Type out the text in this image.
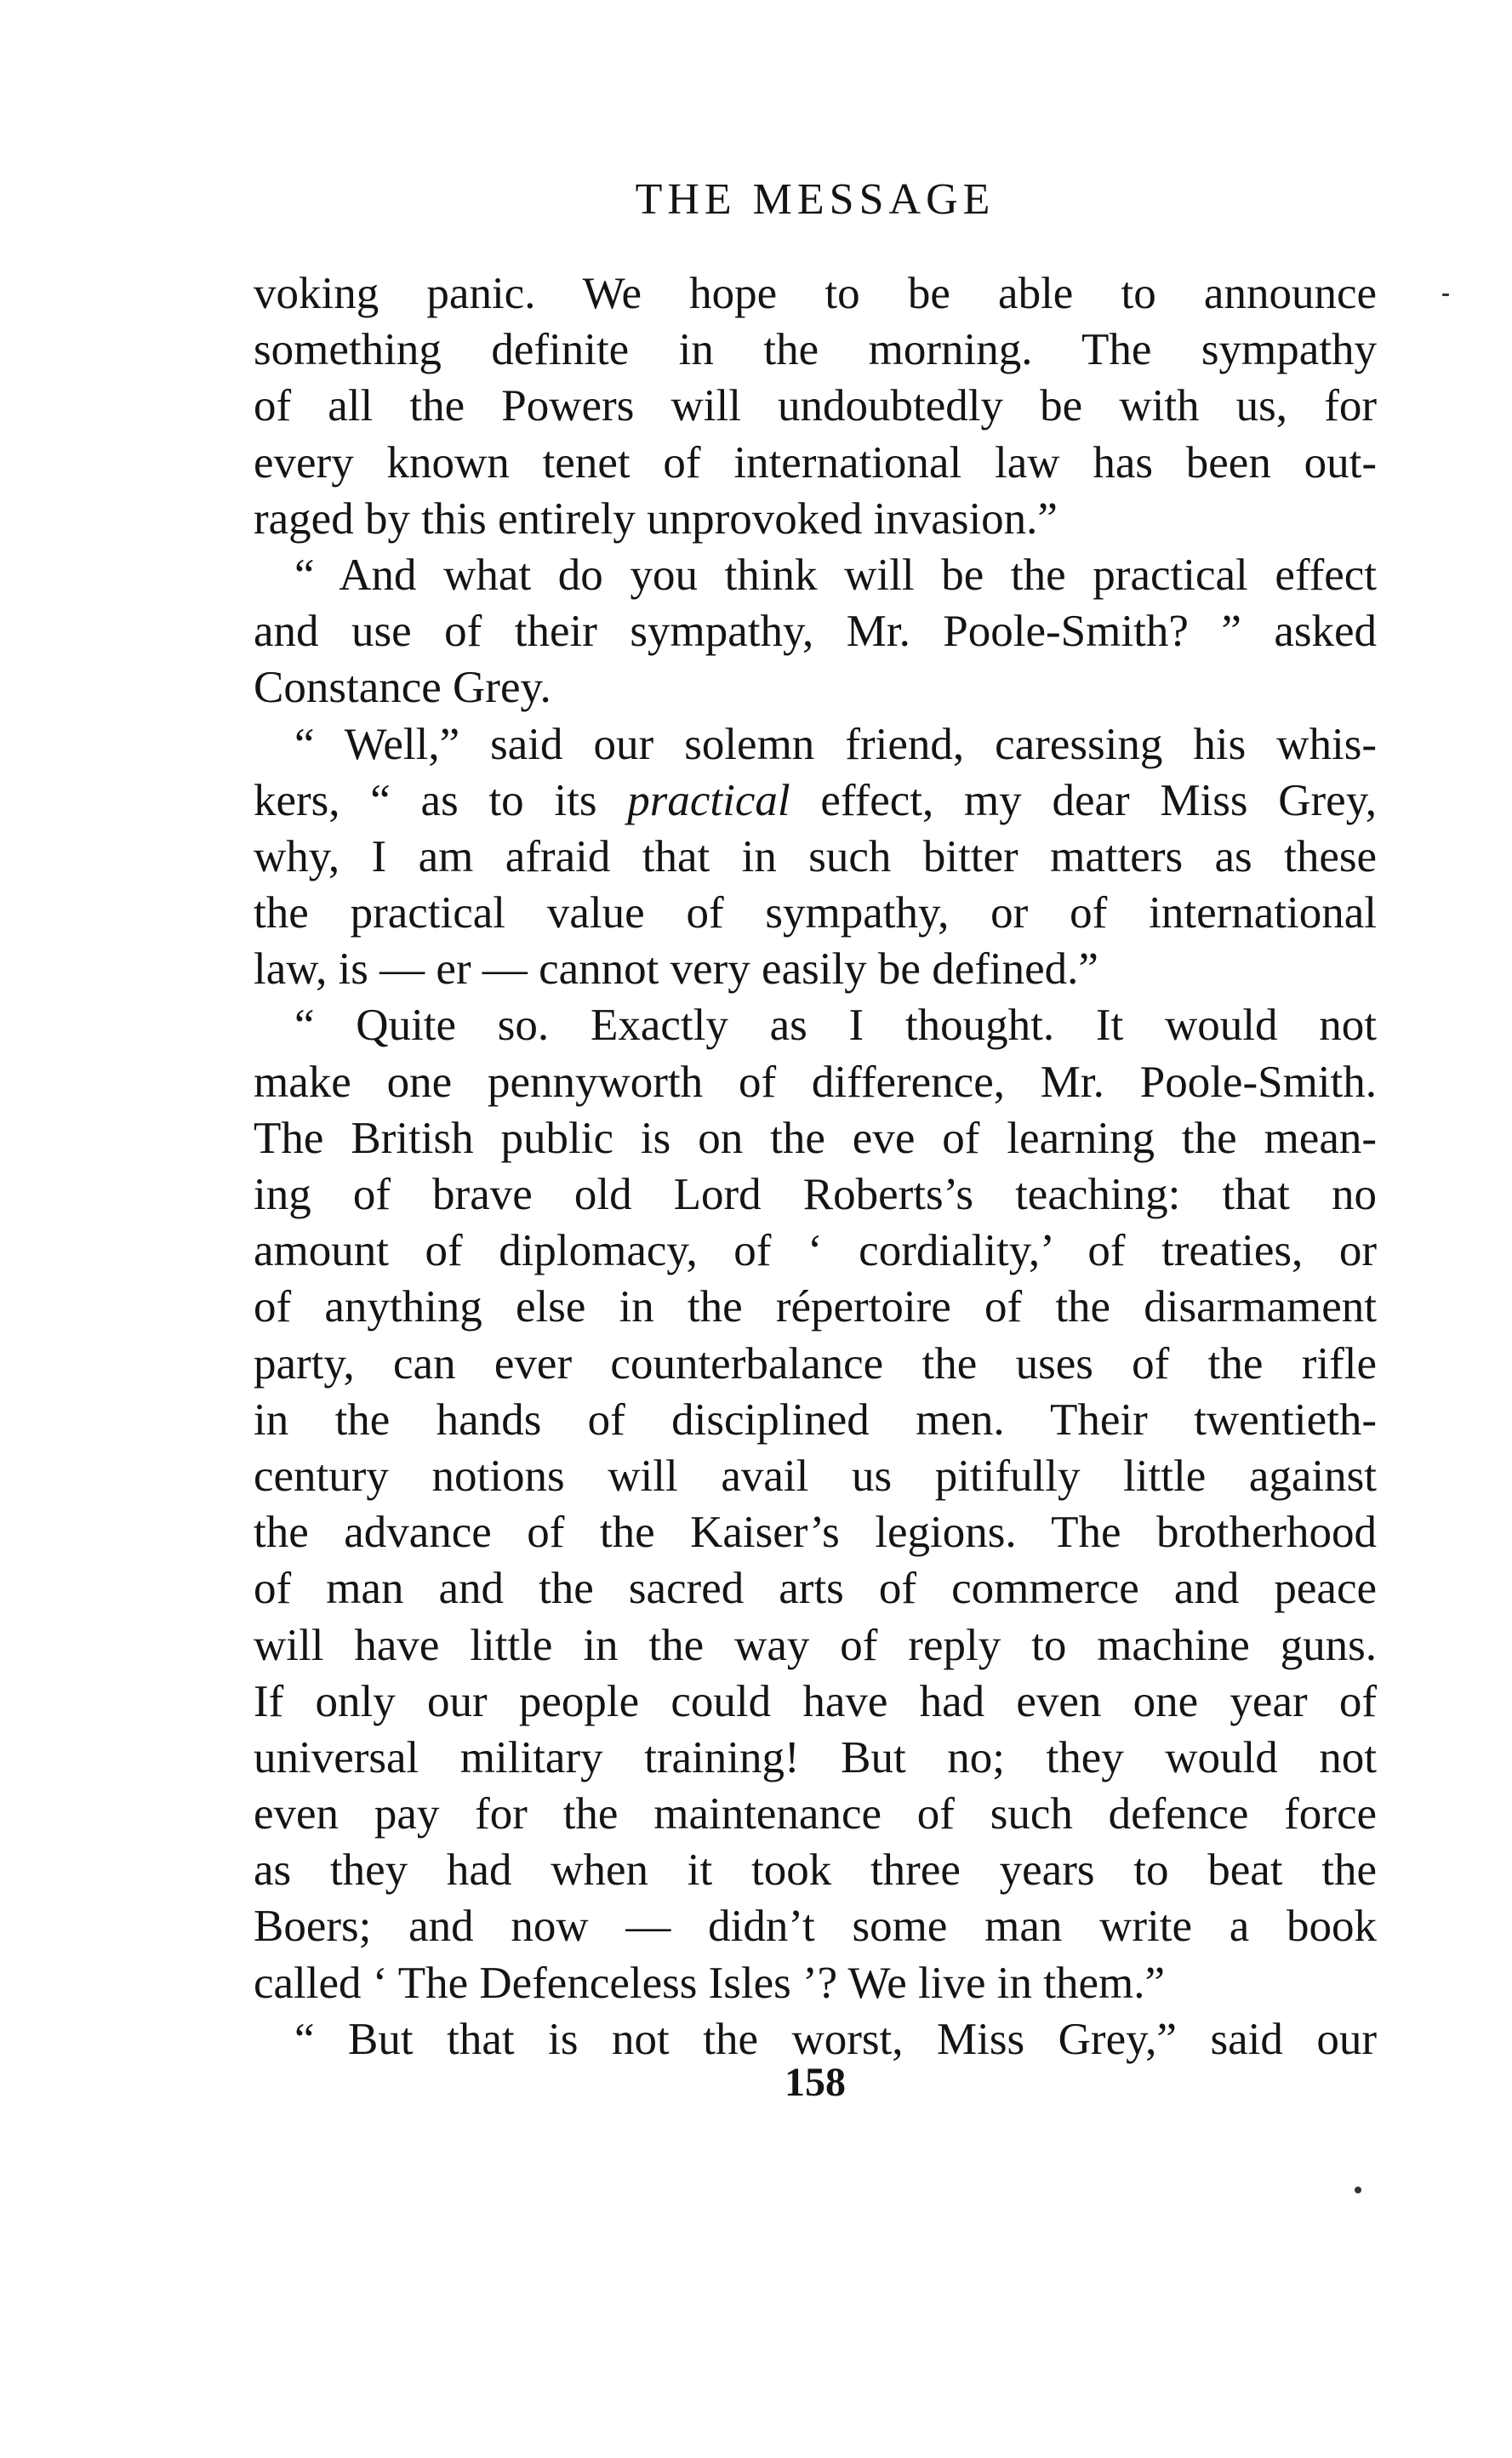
THE MESSAGE
voking panic. We hope to be able to announce
something definite in the morning. The sympathy
of all the Powers will undoubtedly be with us, for
every known tenet of international law has been out-
raged by this entirely unprovoked invasion.”
“ And what do you think will be the practical effect
and use of their sympathy, Mr. Poole-Smith? ” asked
Constance Grey.
“ Well,” said our solemn friend, caressing his whis-
kers, “ as to its practical effect, my dear Miss Grey,
why, I am afraid that in such bitter matters as these
the practical value of sympathy, or of international
law, is — er — cannot very easily be defined.”
“ Quite so. Exactly as I thought. It would not
make one pennyworth of difference, Mr. Poole-Smith.
The British public is on the eve of learning the mean-
ing of brave old Lord Roberts’s teaching: that no
amount of diplomacy, of ‘ cordiality,’ of treaties, or
of anything else in the répertoire of the disarmament
party, can ever counterbalance the uses of the rifle
in the hands of disciplined men. Their twentieth-
century notions will avail us pitifully little against
the advance of the Kaiser’s legions. The brotherhood
of man and the sacred arts of commerce and peace
will have little in the way of reply to machine guns.
If only our people could have had even one year of
universal military training! But no; they would not
even pay for the maintenance of such defence force
as they had when it took three years to beat the
Boers; and now — didn’t some man write a book
called ‘ The Defenceless Isles ’? We live in them.”
“ But that is not the worst, Miss Grey,” said our
158
